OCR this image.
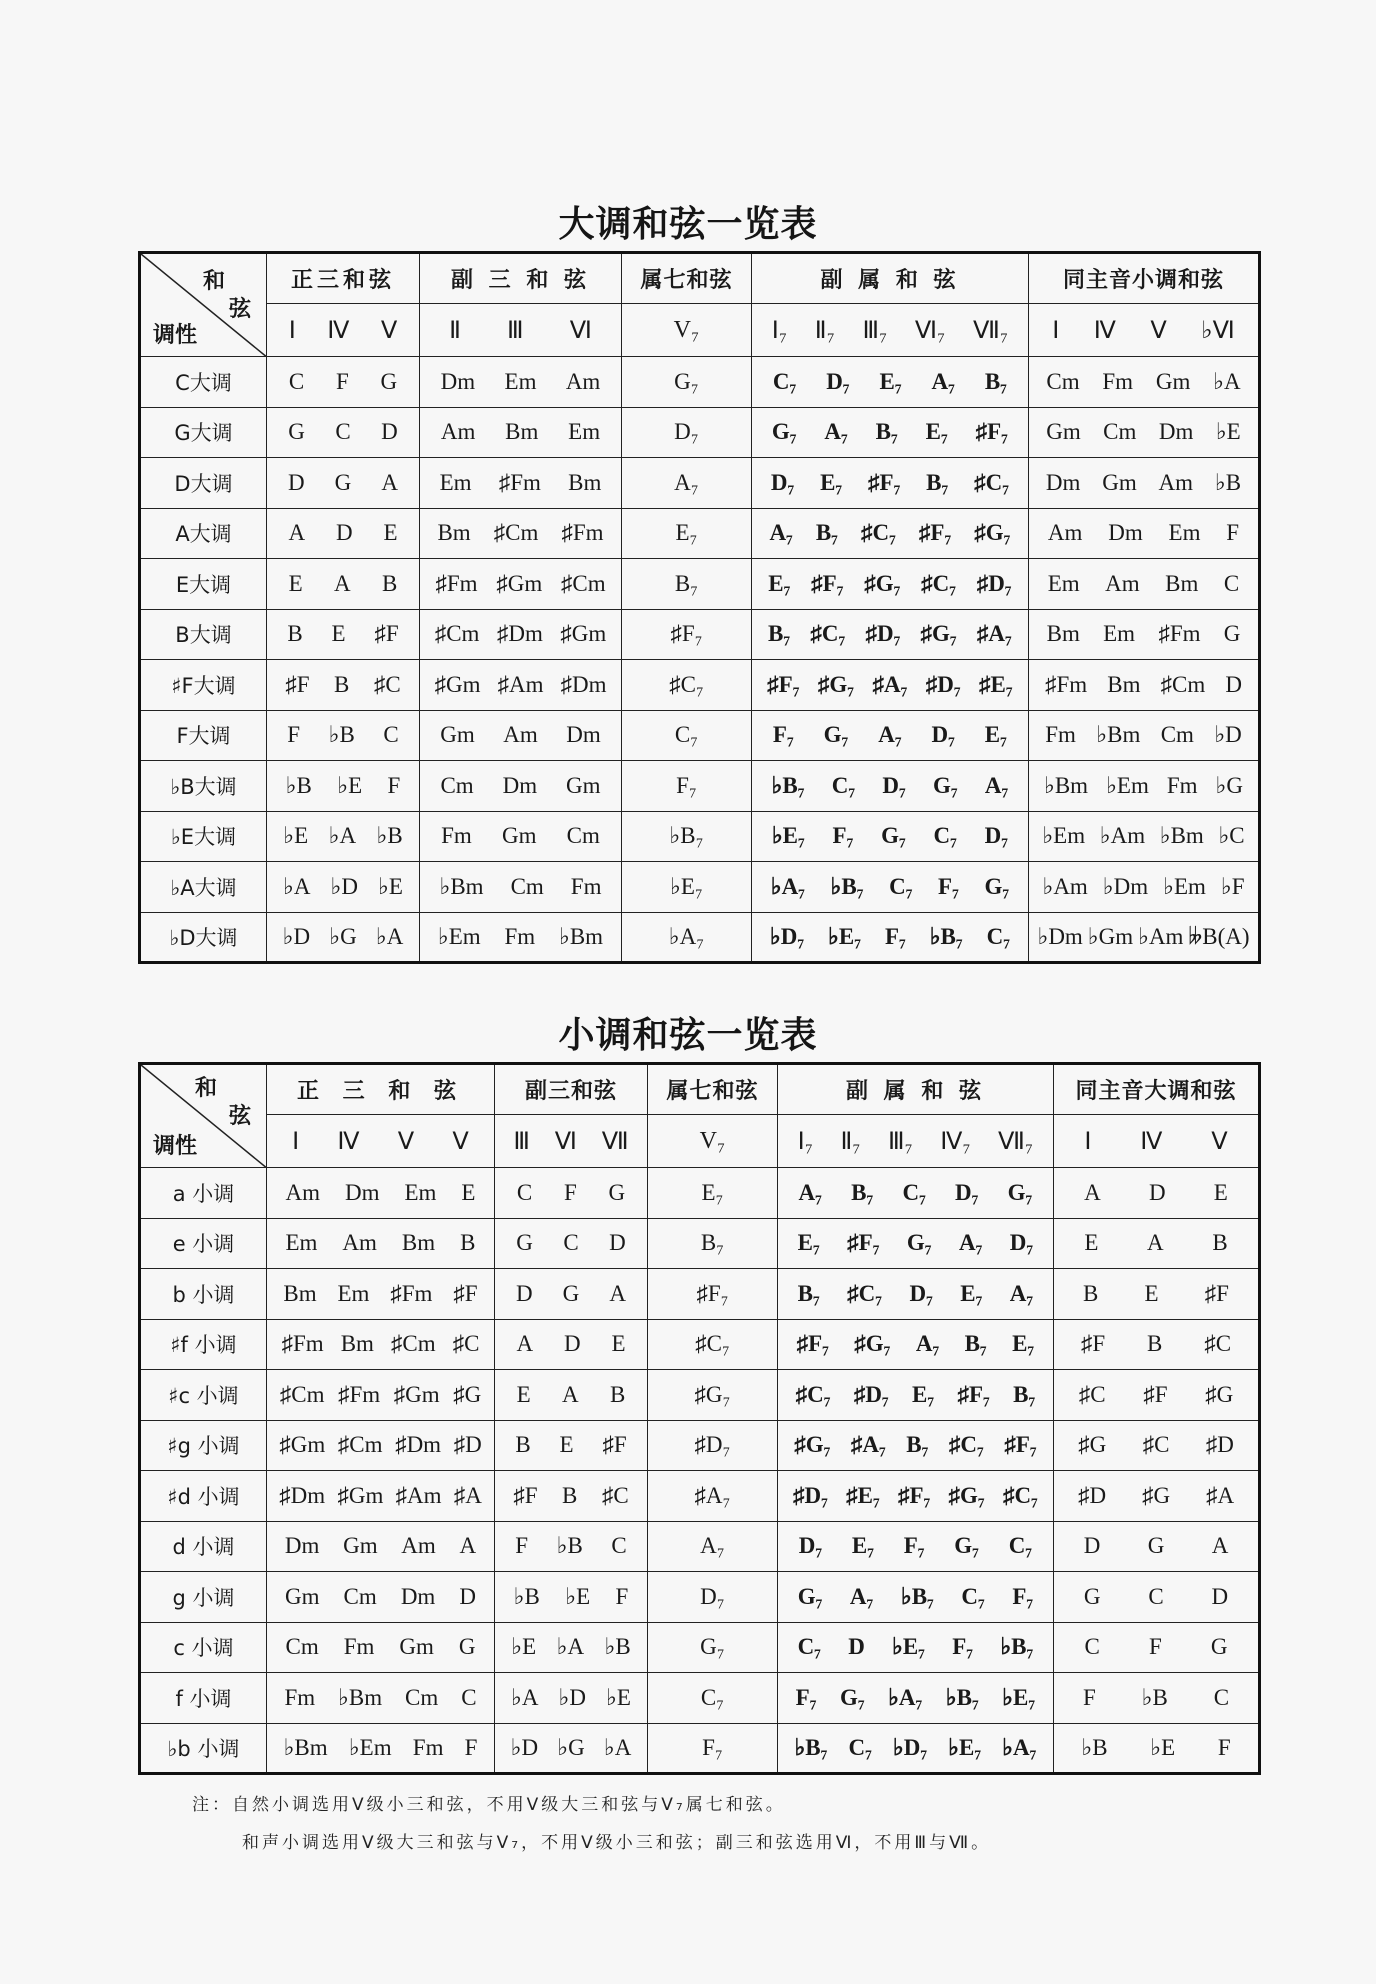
大调和弦一览表
和
弦
调性	正三和弦	副 三 和 弦	属七和弦	副 属 和 弦	同主音小调和弦

	Ⅰ Ⅳ Ⅴ	Ⅱ Ⅲ Ⅵ	V₇	Ⅰ₇ Ⅱ₇ Ⅲ₇ Ⅵ₇ Ⅶ₇	Ⅰ Ⅳ Ⅴ ♭Ⅵ

C大调	C F G	Dm Em Am	G₇	C₇ D₇ E₇ A₇ B₇	Cm Fm Gm ♭A

G大调	G C D	Am Bm Em	D₇	G₇ A₇ B₇ E₇ ♯F₇	Gm Cm Dm ♭E

D大调	D G A	Em ♯Fm Bm	A₇	D₇ E₇ ♯F₇ B₇ ♯C₇	Dm Gm Am ♭B

A大调	A D E	Bm ♯Cm ♯Fm	E₇	A₇ B₇ ♯C₇ ♯F₇ ♯G₇	Am Dm Em F

E大调	E A B	♯Fm ♯Gm ♯Cm	B₇	E₇ ♯F₇ ♯G₇ ♯C₇ ♯D₇	Em Am Bm C

B大调	B E ♯F	♯Cm ♯Dm ♯Gm	♯F₇	B₇ ♯C₇ ♯D₇ ♯G₇ ♯A₇	Bm Em ♯Fm G

♯F大调	♯F B ♯C	♯Gm ♯Am ♯Dm	♯C₇	♯F₇ ♯G₇ ♯A₇ ♯D₇ ♯E₇	♯Fm Bm ♯Cm D

F大调	F ♭B C	Gm Am Dm	C₇	F₇ G₇ A₇ D₇ E₇	Fm ♭Bm Cm ♭D

♭B大调	♭B ♭E F	Cm Dm Gm	F₇	♭B₇ C₇ D₇ G₇ A₇	♭Bm ♭Em Fm ♭G

♭E大调	♭E ♭A ♭B	Fm Gm Cm	♭B₇	♭E₇ F₇ G₇ C₇ D₇	♭Em ♭Am ♭Bm ♭C

♭A大调	♭A ♭D ♭E	♭Bm Cm Fm	♭E₇	♭A₇ ♭B₇ C₇ F₇ G₇	♭Am ♭Dm ♭Em ♭F

♭D大调	♭D ♭G ♭A	♭Em Fm ♭Bm	♭A₇	♭D₇ ♭E₇ F₇ ♭B₇ C₇	♭Dm ♭Gm ♭Am 𝄫B(A)
小调和弦一览表
和
弦
调性	正 三 和 弦	副三和弦	属七和弦	副 属 和 弦	同主音大调和弦

	Ⅰ Ⅳ Ⅴ Ⅴ	Ⅲ Ⅵ Ⅶ	V₇	Ⅰ₇ Ⅱ₇ Ⅲ₇ Ⅳ₇ Ⅶ₇	Ⅰ Ⅳ Ⅴ

a 小调	Am Dm Em E	C F G	E₇	A₇ B₇ C₇ D₇ G₇	A D E

e 小调	Em Am Bm B	G C D	B₇	E₇ ♯F₇ G₇ A₇ D₇	E A B

b 小调	Bm Em ♯Fm ♯F	D G A	♯F₇	B₇ ♯C₇ D₇ E₇ A₇	B E ♯F

♯f 小调	♯Fm Bm ♯Cm ♯C	A D E	♯C₇	♯F₇ ♯G₇ A₇ B₇ E₇	♯F B ♯C

♯c 小调	♯Cm ♯Fm ♯Gm ♯G	E A B	♯G₇	♯C₇ ♯D₇ E₇ ♯F₇ B₇	♯C ♯F ♯G

♯g 小调	♯Gm ♯Cm ♯Dm ♯D	B E ♯F	♯D₇	♯G₇ ♯A₇ B₇ ♯C₇ ♯F₇	♯G ♯C ♯D

♯d 小调	♯Dm ♯Gm ♯Am ♯A	♯F B ♯C	♯A₇	♯D₇ ♯E₇ ♯F₇ ♯G₇ ♯C₇	♯D ♯G ♯A

d 小调	Dm Gm Am A	F ♭B C	A₇	D₇ E₇ F₇ G₇ C₇	D G A

g 小调	Gm Cm Dm D	♭B ♭E F	D₇	G₇ A₇ ♭B₇ C₇ F₇	G C D

c 小调	Cm Fm Gm G	♭E ♭A ♭B	G₇	C₇ D ♭E₇ F₇ ♭B₇	C F G

f 小调	Fm ♭Bm Cm C	♭A ♭D ♭E	C₇	F₇ G₇ ♭A₇ ♭B₇ ♭E₇	F ♭B C

♭b 小调	♭Bm ♭Em Fm F	♭D ♭G ♭A	F₇	♭B₇ C₇ ♭D₇ ♭E₇ ♭A₇	♭B ♭E F
注：自然小调选用Ⅴ级小三和弦，不用Ⅴ级大三和弦与V₇属七和弦。
和声小调选用Ⅴ级大三和弦与V₇，不用Ⅴ级小三和弦；副三和弦选用Ⅵ，不用Ⅲ与Ⅶ。
